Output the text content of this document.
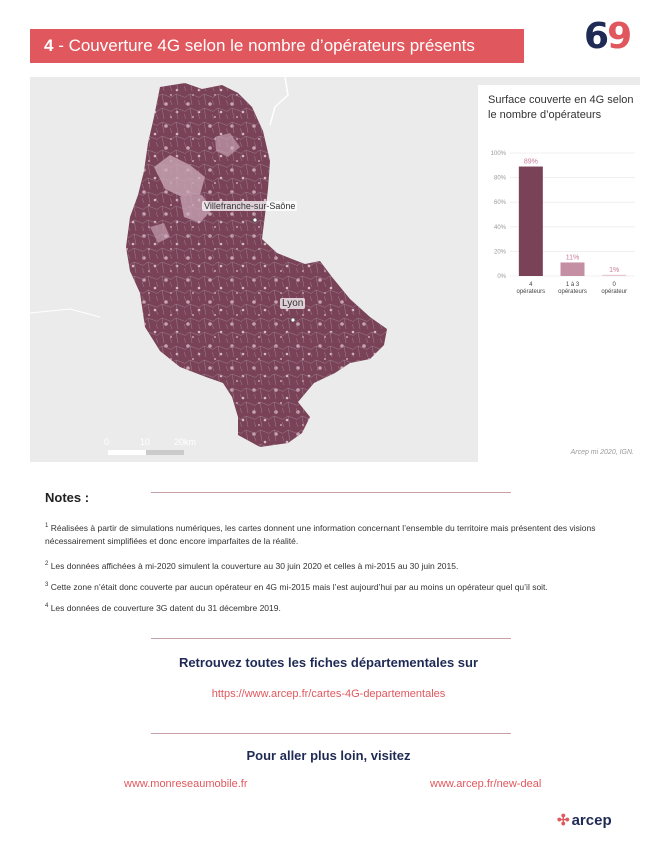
4 - Couverture 4G selon le nombre d’opérateurs présents	69
Villefranche-sur-Saône
Lyon
0	10	20km
Surface couverte en 4G selon le nombre d’opérateurs
100%
80%
60%
40%
20%
0%
89%
4
opérateurs
11%
1 à 3
opérateurs
1%
0
opérateur
Arcep mi 2020, IGN.
Notes :
$^1$ Réalisées à partir de simulations numériques, les cartes donnent une information concernant l’ensemble du territoire mais présentent des visions nécessairement simplifiées et donc encore imparfaites de la réalité.
$^2$ Les données affichées à mi-2020 simulent la couverture au 30 juin 2020 et celles à mi-2015 au 30 juin 2015.
$^3$ Cette zone n’était donc couverte par aucun opérateur en 4G mi-2015 mais l’est aujourd’hui par au moins un opérateur quel qu’il soit.
$^4$ Les données de couverture 3G datent du 31 décembre 2019.
Retrouvez toutes les fiches départementales sur
https://www.arcep.fr/cartes-4G-departementales
Pour aller plus loin, visitez
www.monreseaumobile.fr	www.arcep.fr/new-deal
✣ arcep
